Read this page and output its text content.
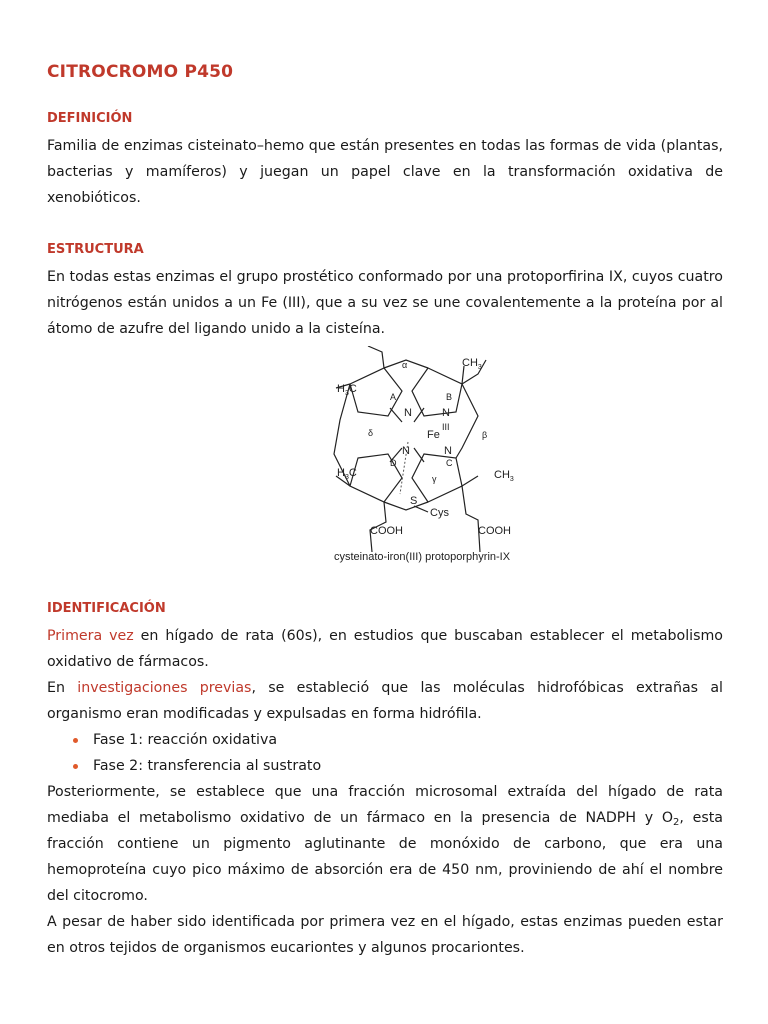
CITROCROMO P450
DEFINICIÓN

Familia de enzimas cisteinato–hemo que están presentes en todas las formas de vida (plantas, bacterias y mamíferos) y juegan un papel clave en la transformación oxidativa de xenobióticos.

ESTRUCTURA

En todas estas enzimas el grupo prostético conformado por una protoporfirina IX, cuyos cuatro nitrógenos están unidos a un Fe (III), que a su vez se une covalentemente a la proteína por al átomo de azufre del ligando unido a la cisteína.

α
β
γ
δ
A	B
C
D
N	N
N	N
Fe
III
$CH_3$
$H_3C$
$H_3C$	$CH_3$
S
Cys
COOH	COOH
cysteinato-iron(III) protoporphyrin-IX
IDENTIFICACIÓN

Primera vez en hígado de rata (60s), en estudios que buscaban establecer el metabolismo oxidativo de fármacos.

En investigaciones previas, se estableció que las moléculas hidrofóbicas extrañas al organismo eran modificadas y expulsadas en forma hidrófila.

Fase 1: reacción oxidativa
Fase 2: transferencia al sustrato

Posteriormente, se establece que una fracción microsomal extraída del hígado de rata mediaba el metabolismo oxidativo de un fármaco en la presencia de NADPH y $O_2$, esta fracción contiene un pigmento aglutinante de monóxido de carbono, que era una hemoproteína cuyo pico máximo de absorción era de 450 nm, proviniendo de ahí el nombre del citocromo.

A pesar de haber sido identificada por primera vez en el hígado, estas enzimas pueden estar en otros tejidos de organismos eucariontes y algunos procariontes.
